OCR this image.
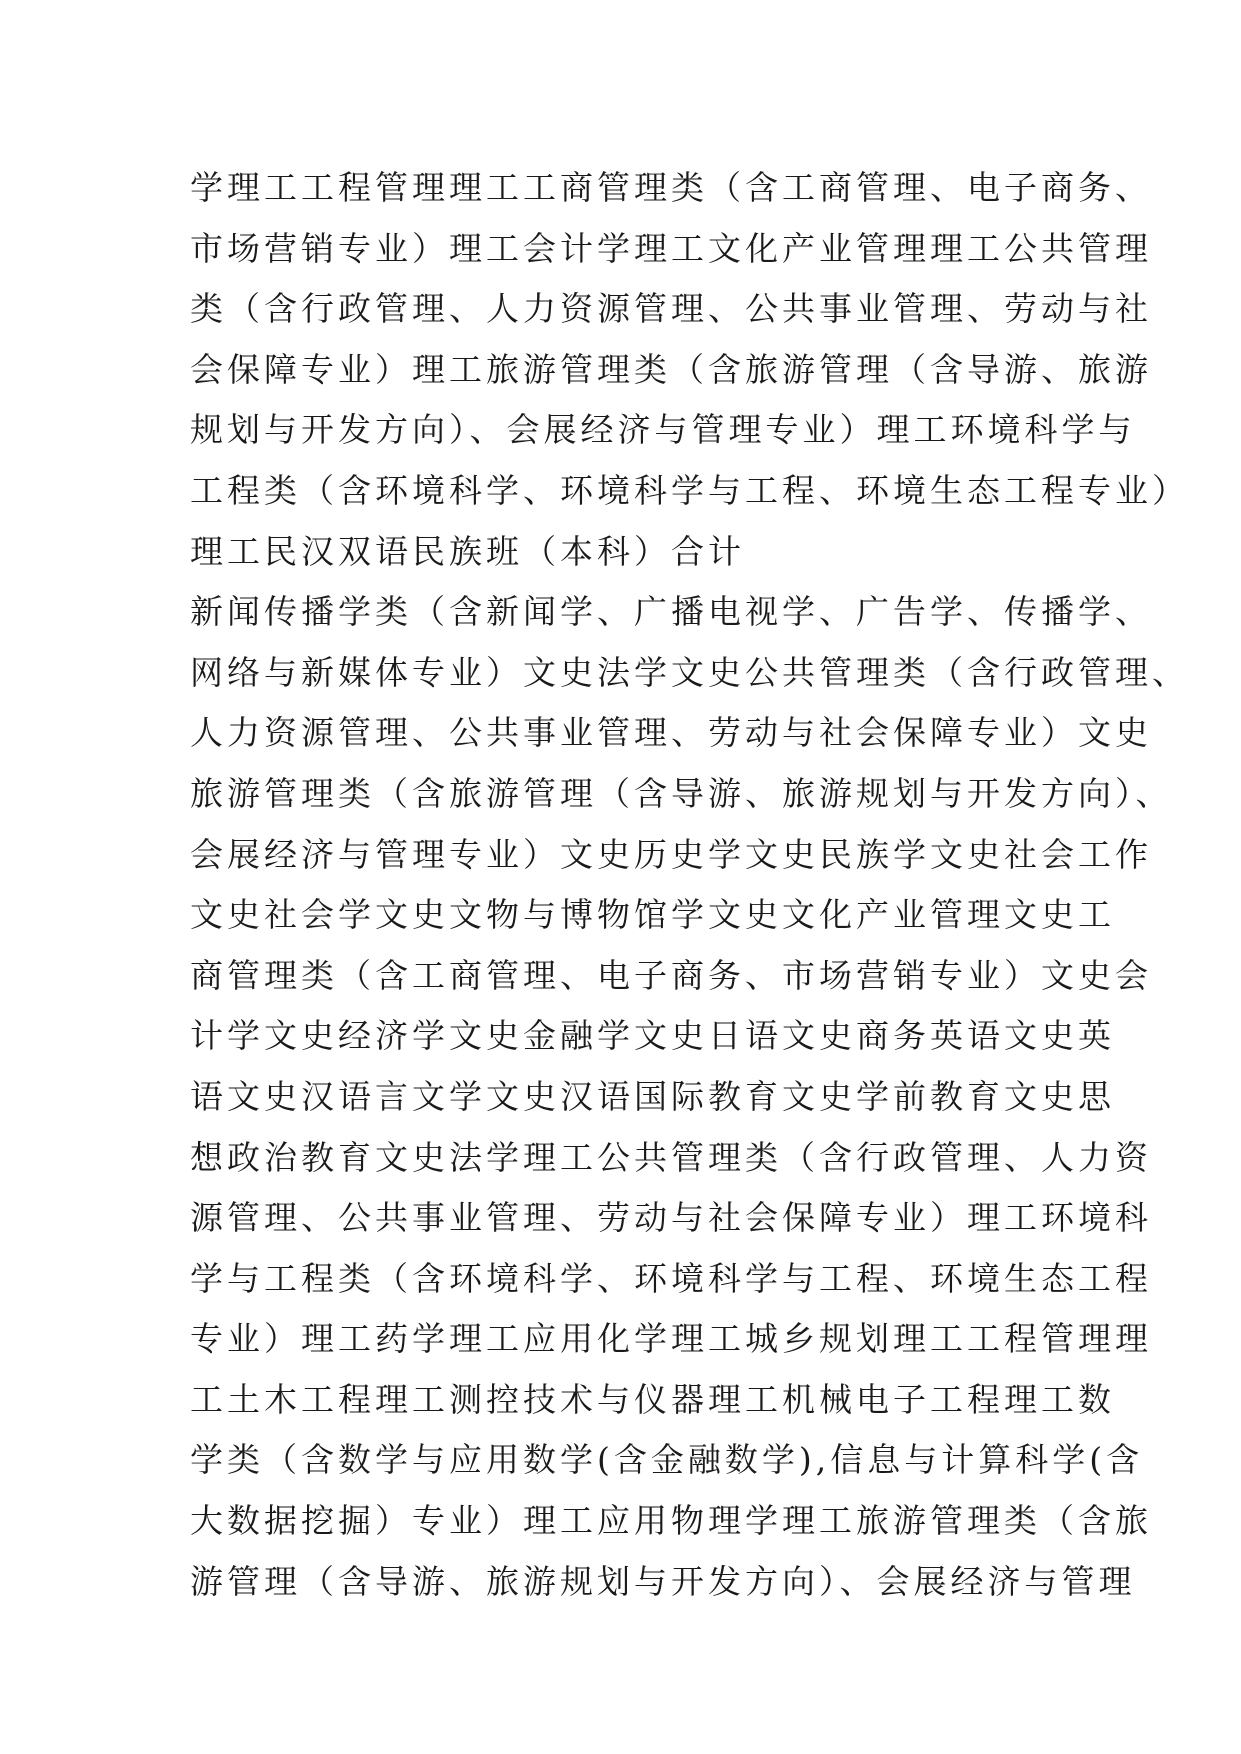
学理工工程管理理工工商管理类（含工商管理、电子商务、
市场营销专业）理工会计学理工文化产业管理理工公共管理
类（含行政管理、人力资源管理、公共事业管理、劳动与社
会保障专业）理工旅游管理类（含旅游管理（含导游、旅游
规划与开发方向）、会展经济与管理专业）理工环境科学与
工程类（含环境科学、环境科学与工程、环境生态工程专业）
理工民汉双语民族班（本科）合计
新闻传播学类（含新闻学、广播电视学、广告学、传播学、
网络与新媒体专业）文史法学文史公共管理类（含行政管理、
人力资源管理、公共事业管理、劳动与社会保障专业）文史
旅游管理类（含旅游管理（含导游、旅游规划与开发方向）、
会展经济与管理专业）文史历史学文史民族学文史社会工作
文史社会学文史文物与博物馆学文史文化产业管理文史工
商管理类（含工商管理、电子商务、市场营销专业）文史会
计学文史经济学文史金融学文史日语文史商务英语文史英
语文史汉语言文学文史汉语国际教育文史学前教育文史思
想政治教育文史法学理工公共管理类（含行政管理、人力资
源管理、公共事业管理、劳动与社会保障专业）理工环境科
学与工程类（含环境科学、环境科学与工程、环境生态工程
专业）理工药学理工应用化学理工城乡规划理工工程管理理
工土木工程理工测控技术与仪器理工机械电子工程理工数
学类（含数学与应用数学(含金融数学),信息与计算科学(含
大数据挖掘）专业）理工应用物理学理工旅游管理类（含旅
游管理（含导游、旅游规划与开发方向）、会展经济与管理
